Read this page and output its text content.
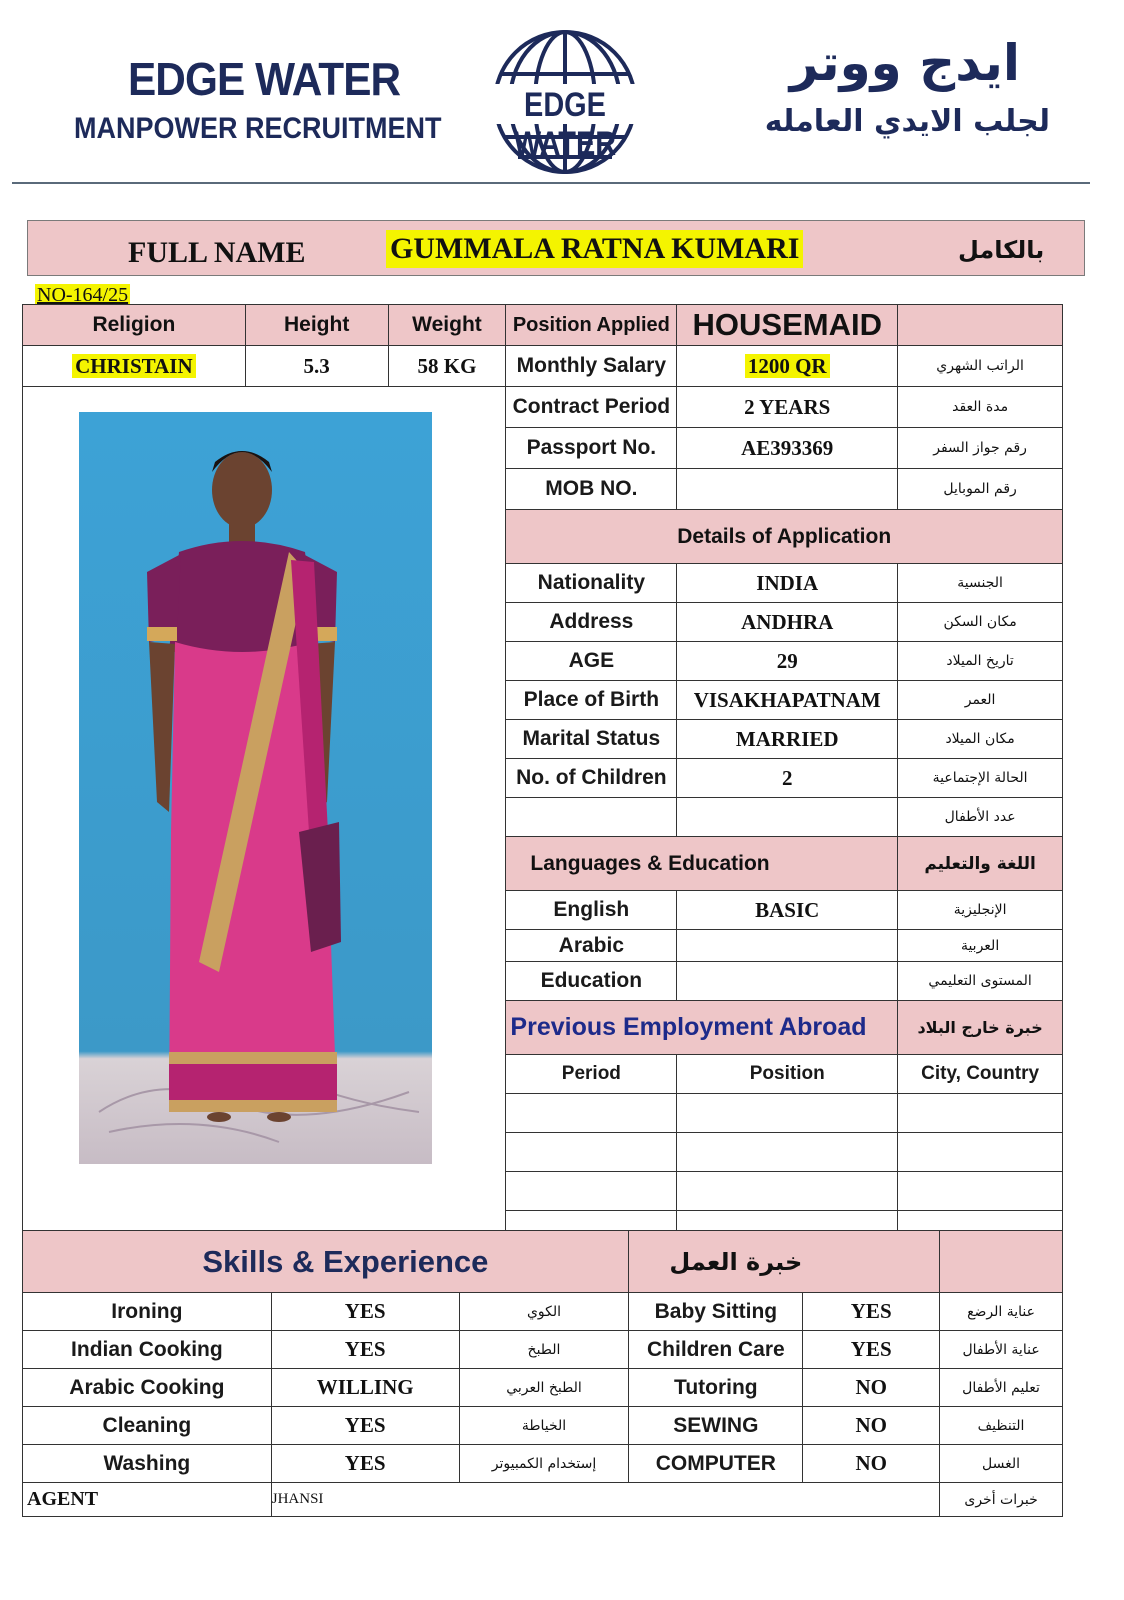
EDGE WATER
MANPOWER RECRUITMENT
EDGE WATER
ايدج ووتر
لجلب الايدي العامله
FULL NAME	GUMMALA RATNA KUMARI	بالكامل
NO-164/25
Religion	Height	Weight	Position Applied	HOUSEMAID	
CHRISTAIN	5.3	58 KG	Monthly Salary	1200 QR	الراتب الشهري
			Contract Period	2 YEARS	مدة العقد
			Passport No.	AE393369	رقم جواز السفر
			MOB NO.		رقم الموبايل
			Details of Application		
			Nationality	INDIA	الجنسية
			Address	ANDHRA	مكان السكن
			AGE	29	تاريخ الميلاد
			Place of Birth	VISAKHAPATNAM	العمر
			Marital Status	MARRIED	مكان الميلاد
			No. of Children	2	الحالة الإجتماعية
					عدد الأطفال
			Languages & Education		اللغة والتعليم
			English	BASIC	الإنجليزية
			Arabic		العربية
			Education		المستوى التعليمي
			Previous Employment Abroad		خبرة خارج البلاد
			Period	Position	City, Country

Skills & Experience			خبرة العمل		
Ironing	YES	الكوي	Baby Sitting	YES	عناية الرضع
Indian Cooking	YES	الطبخ	Children Care	YES	عناية الأطفال
Arabic Cooking	WILLING	الطبخ العربي	Tutoring	NO	تعليم الأطفال
Cleaning	YES	الخياطة	SEWING	NO	التنظيف
Washing	YES	إستخدام الكمبيوتر	COMPUTER	NO	الغسل
AGENT	JHANSI				خبرات أخرى
